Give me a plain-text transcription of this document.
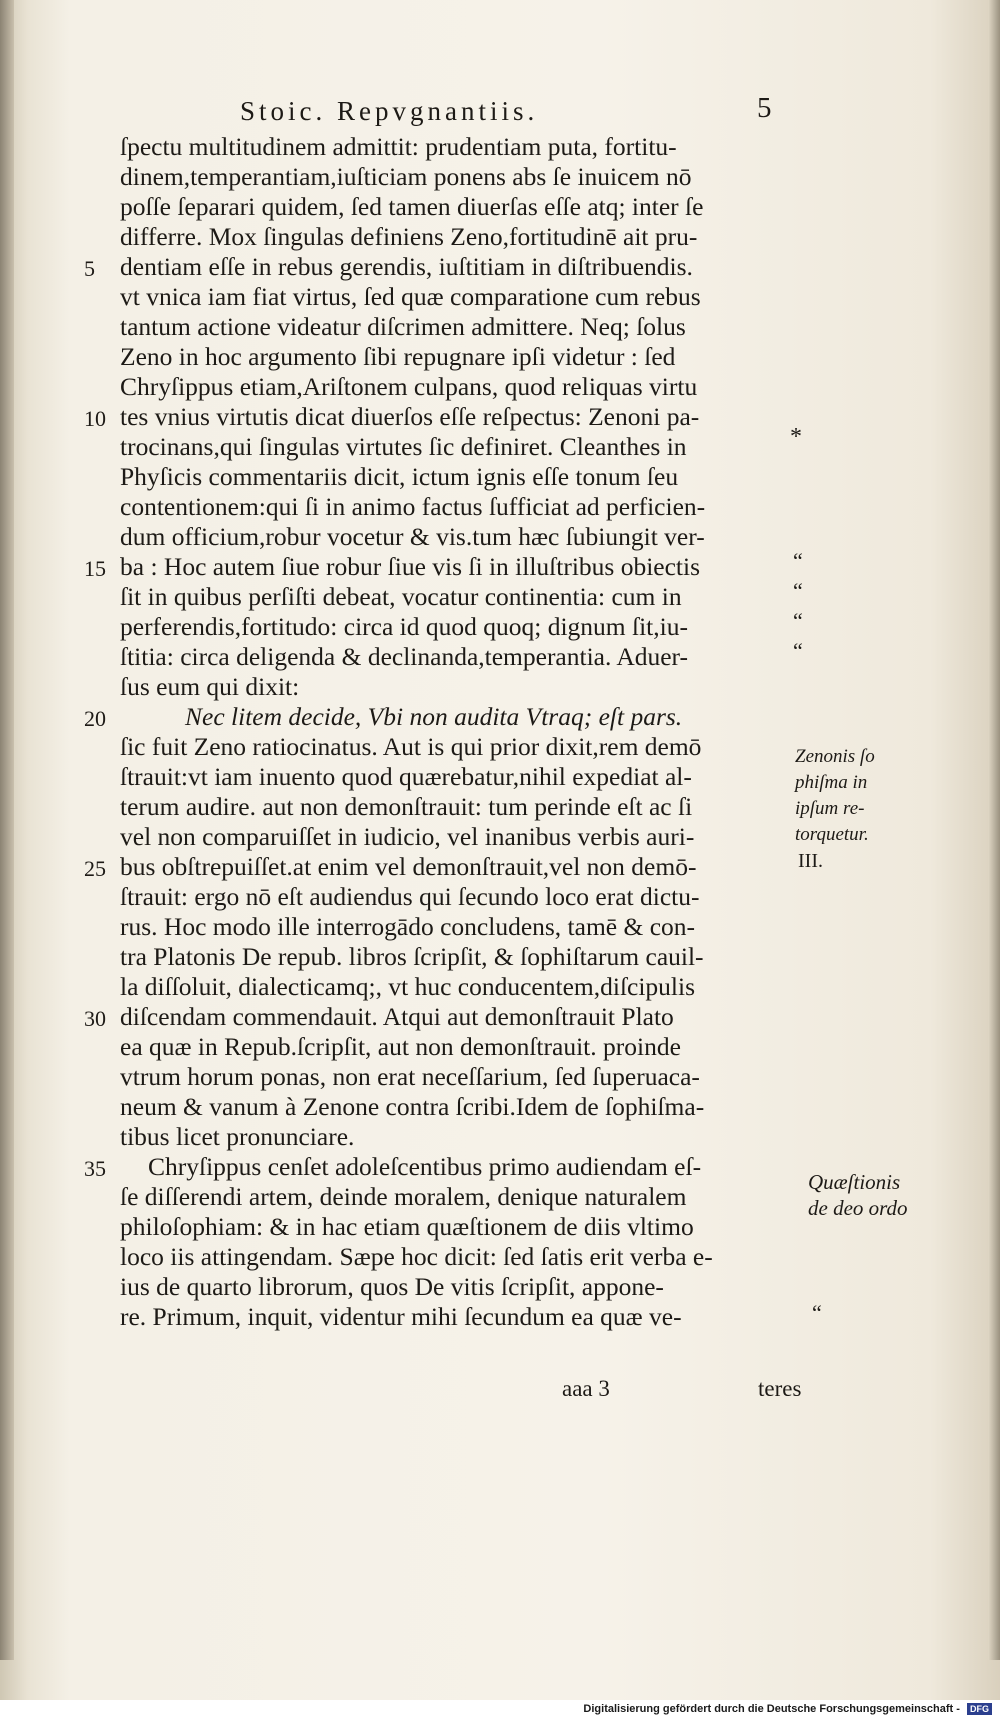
Stoic. Repvgnantiis.	5
ſpectu multitudinem admittit: prudentiam puta, fortitu-
dinem,temperantiam,iuſticiam ponens abs ſe inuicem nō
poſſe ſeparari quidem, ſed tamen diuerſas eſſe atq; inter ſe
differre. Mox ſingulas definiens Zeno,fortitudinē ait pru-
dentiam eſſe in rebus gerendis, iuſtitiam in diſtribuendis.
vt vnica iam fiat virtus, ſed quæ comparatione cum rebus
tantum actione videatur diſcrimen admittere. Neq; ſolus
Zeno in hoc argumento ſibi repugnare ipſi videtur : ſed
Chryſippus etiam,Ariſtonem culpans, quod reliquas virtu
tes vnius virtutis dicat diuerſos eſſe reſpectus: Zenoni pa-
trocinans,qui ſingulas virtutes ſic definiret. Cleanthes in
Phyſicis commentariis dicit, ictum ignis eſſe tonum ſeu
contentionem:qui ſi in animo factus ſufficiat ad perficien-
dum officium,robur vocetur & vis.tum hæc ſubiungit ver-
ba : Hoc autem ſiue robur ſiue vis ſi in illuſtribus obiectis
ſit in quibus perſiſti debeat, vocatur continentia: cum in
perferendis,fortitudo: circa id quod quoq; dignum ſit,iu-
ſtitia: circa deligenda & declinanda,temperantia. Aduer-
ſus eum qui dixit:
Nec litem decide, Vbi non audita Vtraq; eſt pars.
ſic fuit Zeno ratiocinatus. Aut is qui prior dixit,rem demō
ſtrauit:vt iam inuento quod quærebatur,nihil expediat al-
terum audire. aut non demonſtrauit: tum perinde eſt ac ſi
vel non comparuiſſet in iudicio, vel inanibus verbis auri-
bus obſtrepuiſſet.at enim vel demonſtrauit,vel non demō-
ſtrauit: ergo nō eſt audiendus qui ſecundo loco erat dictu-
rus. Hoc modo ille interrogādo concludens, tamē & con-
tra Platonis De repub. libros ſcripſit, & ſophiſtarum cauil-
la diſſoluit, dialecticamq;, vt huc conducentem,diſcipulis
diſcendam commendauit. Atqui aut demonſtrauit Plato
ea quæ in Repub.ſcripſit, aut non demonſtrauit. proinde
vtrum horum ponas, non erat neceſſarium, ſed ſuperuaca-
neum & vanum à Zenone contra ſcribi.Idem de ſophiſma-
tibus licet pronunciare.
Chryſippus cenſet adoleſcentibus primo audiendam eſ-
ſe diſſerendi artem, deinde moralem, denique naturalem
philoſophiam: & in hac etiam quæſtionem de diis vltimo
loco iis attingendam. Sæpe hoc dicit: ſed ſatis erit verba e-
ius de quarto librorum, quos De vitis ſcripſit, appone-
re. Primum, inquit, videntur mihi ſecundum ea quæ ve-
5
10
15
20
25
30
35
*
“
“
“
“
“
Zenonis ſo
phiſma in
ipſum re-
torquetur.
III.
Quæſtionis
de deo ordo
aaa 3	teres
Digitalisierung gefördert durch die Deutsche Forschungsgemeinschaft - DFG
